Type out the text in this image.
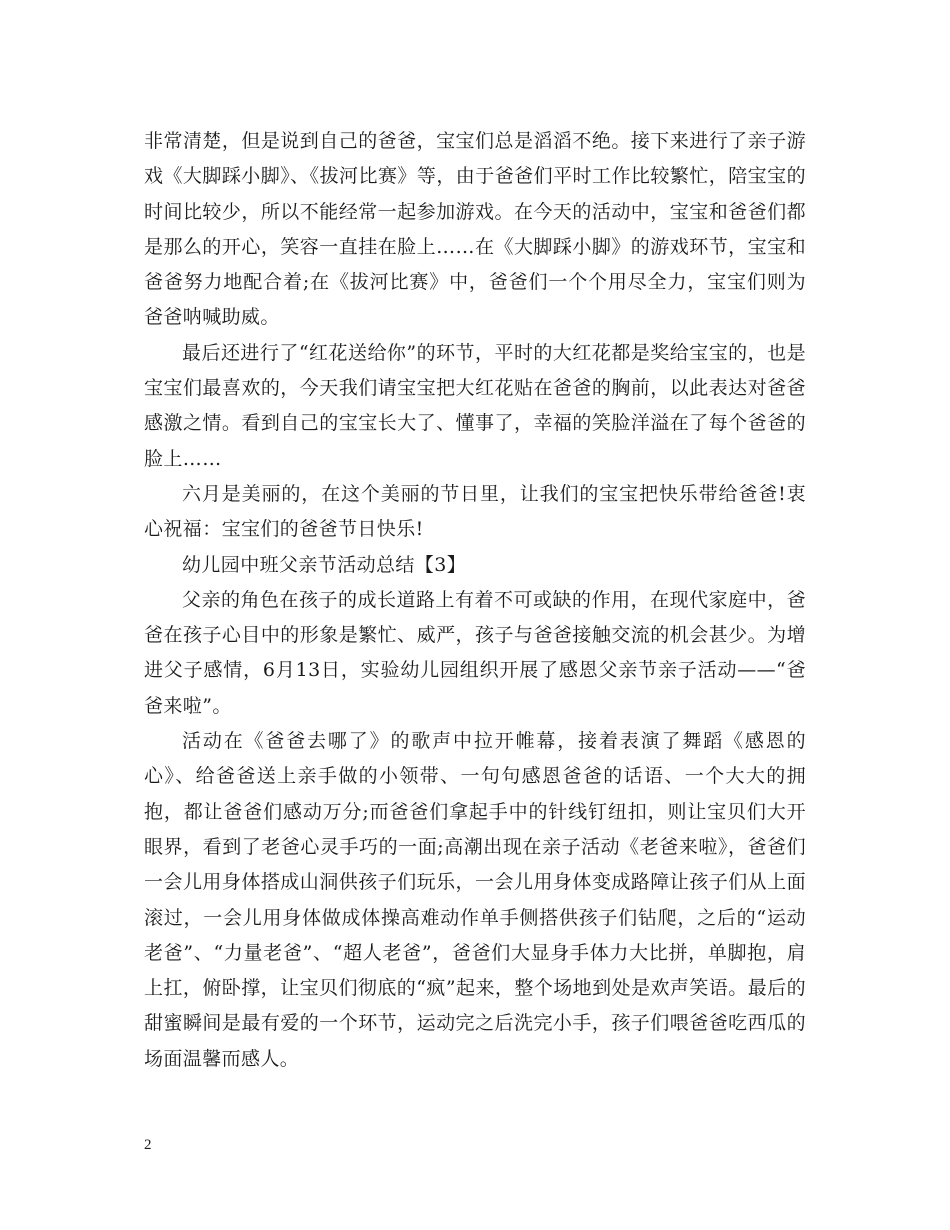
非常清楚，但是说到自己的爸爸，宝宝们总是滔滔不绝。接下来进行了亲子游戏《大脚踩小脚》、《拔河比赛》等，由于爸爸们平时工作比较繁忙，陪宝宝的时间比较少，所以不能经常一起参加游戏。在今天的活动中，宝宝和爸爸们都是那么的开心，笑容一直挂在脸上……在《大脚踩小脚》的游戏环节，宝宝和爸爸努力地配合着;在《拔河比赛》中，爸爸们一个个用尽全力，宝宝们则为爸爸呐喊助威。

最后还进行了“红花送给你”的环节，平时的大红花都是奖给宝宝的，也是宝宝们最喜欢的，今天我们请宝宝把大红花贴在爸爸的胸前，以此表达对爸爸感激之情。看到自己的宝宝长大了、懂事了，幸福的笑脸洋溢在了每个爸爸的脸上……

六月是美丽的，在这个美丽的节日里，让我们的宝宝把快乐带给爸爸!衷心祝福：宝宝们的爸爸节日快乐!

幼儿园中班父亲节活动总结【3】

父亲的角色在孩子的成长道路上有着不可或缺的作用，在现代家庭中，爸爸在孩子心目中的形象是繁忙、威严，孩子与爸爸接触交流的机会甚少。为增进父子感情，6月13日，实验幼儿园组织开展了感恩父亲节亲子活动——“爸爸来啦”。

活动在《爸爸去哪了》的歌声中拉开帷幕，接着表演了舞蹈《感恩的心》、给爸爸送上亲手做的小领带、一句句感恩爸爸的话语、一个大大的拥抱，都让爸爸们感动万分;而爸爸们拿起手中的针线钉纽扣，则让宝贝们大开眼界，看到了老爸心灵手巧的一面;高潮出现在亲子活动《老爸来啦》，爸爸们一会儿用身体搭成山洞供孩子们玩乐，一会儿用身体变成路障让孩子们从上面滚过，一会儿用身体做成体操高难动作单手侧搭供孩子们钻爬，之后的“运动老爸”、“力量老爸”、“超人老爸”，爸爸们大显身手体力大比拼，单脚抱，肩上扛，俯卧撑，让宝贝们彻底的“疯”起来，整个场地到处是欢声笑语。最后的甜蜜瞬间是最有爱的一个环节，运动完之后洗完小手，孩子们喂爸爸吃西瓜的场面温馨而感人。

2
